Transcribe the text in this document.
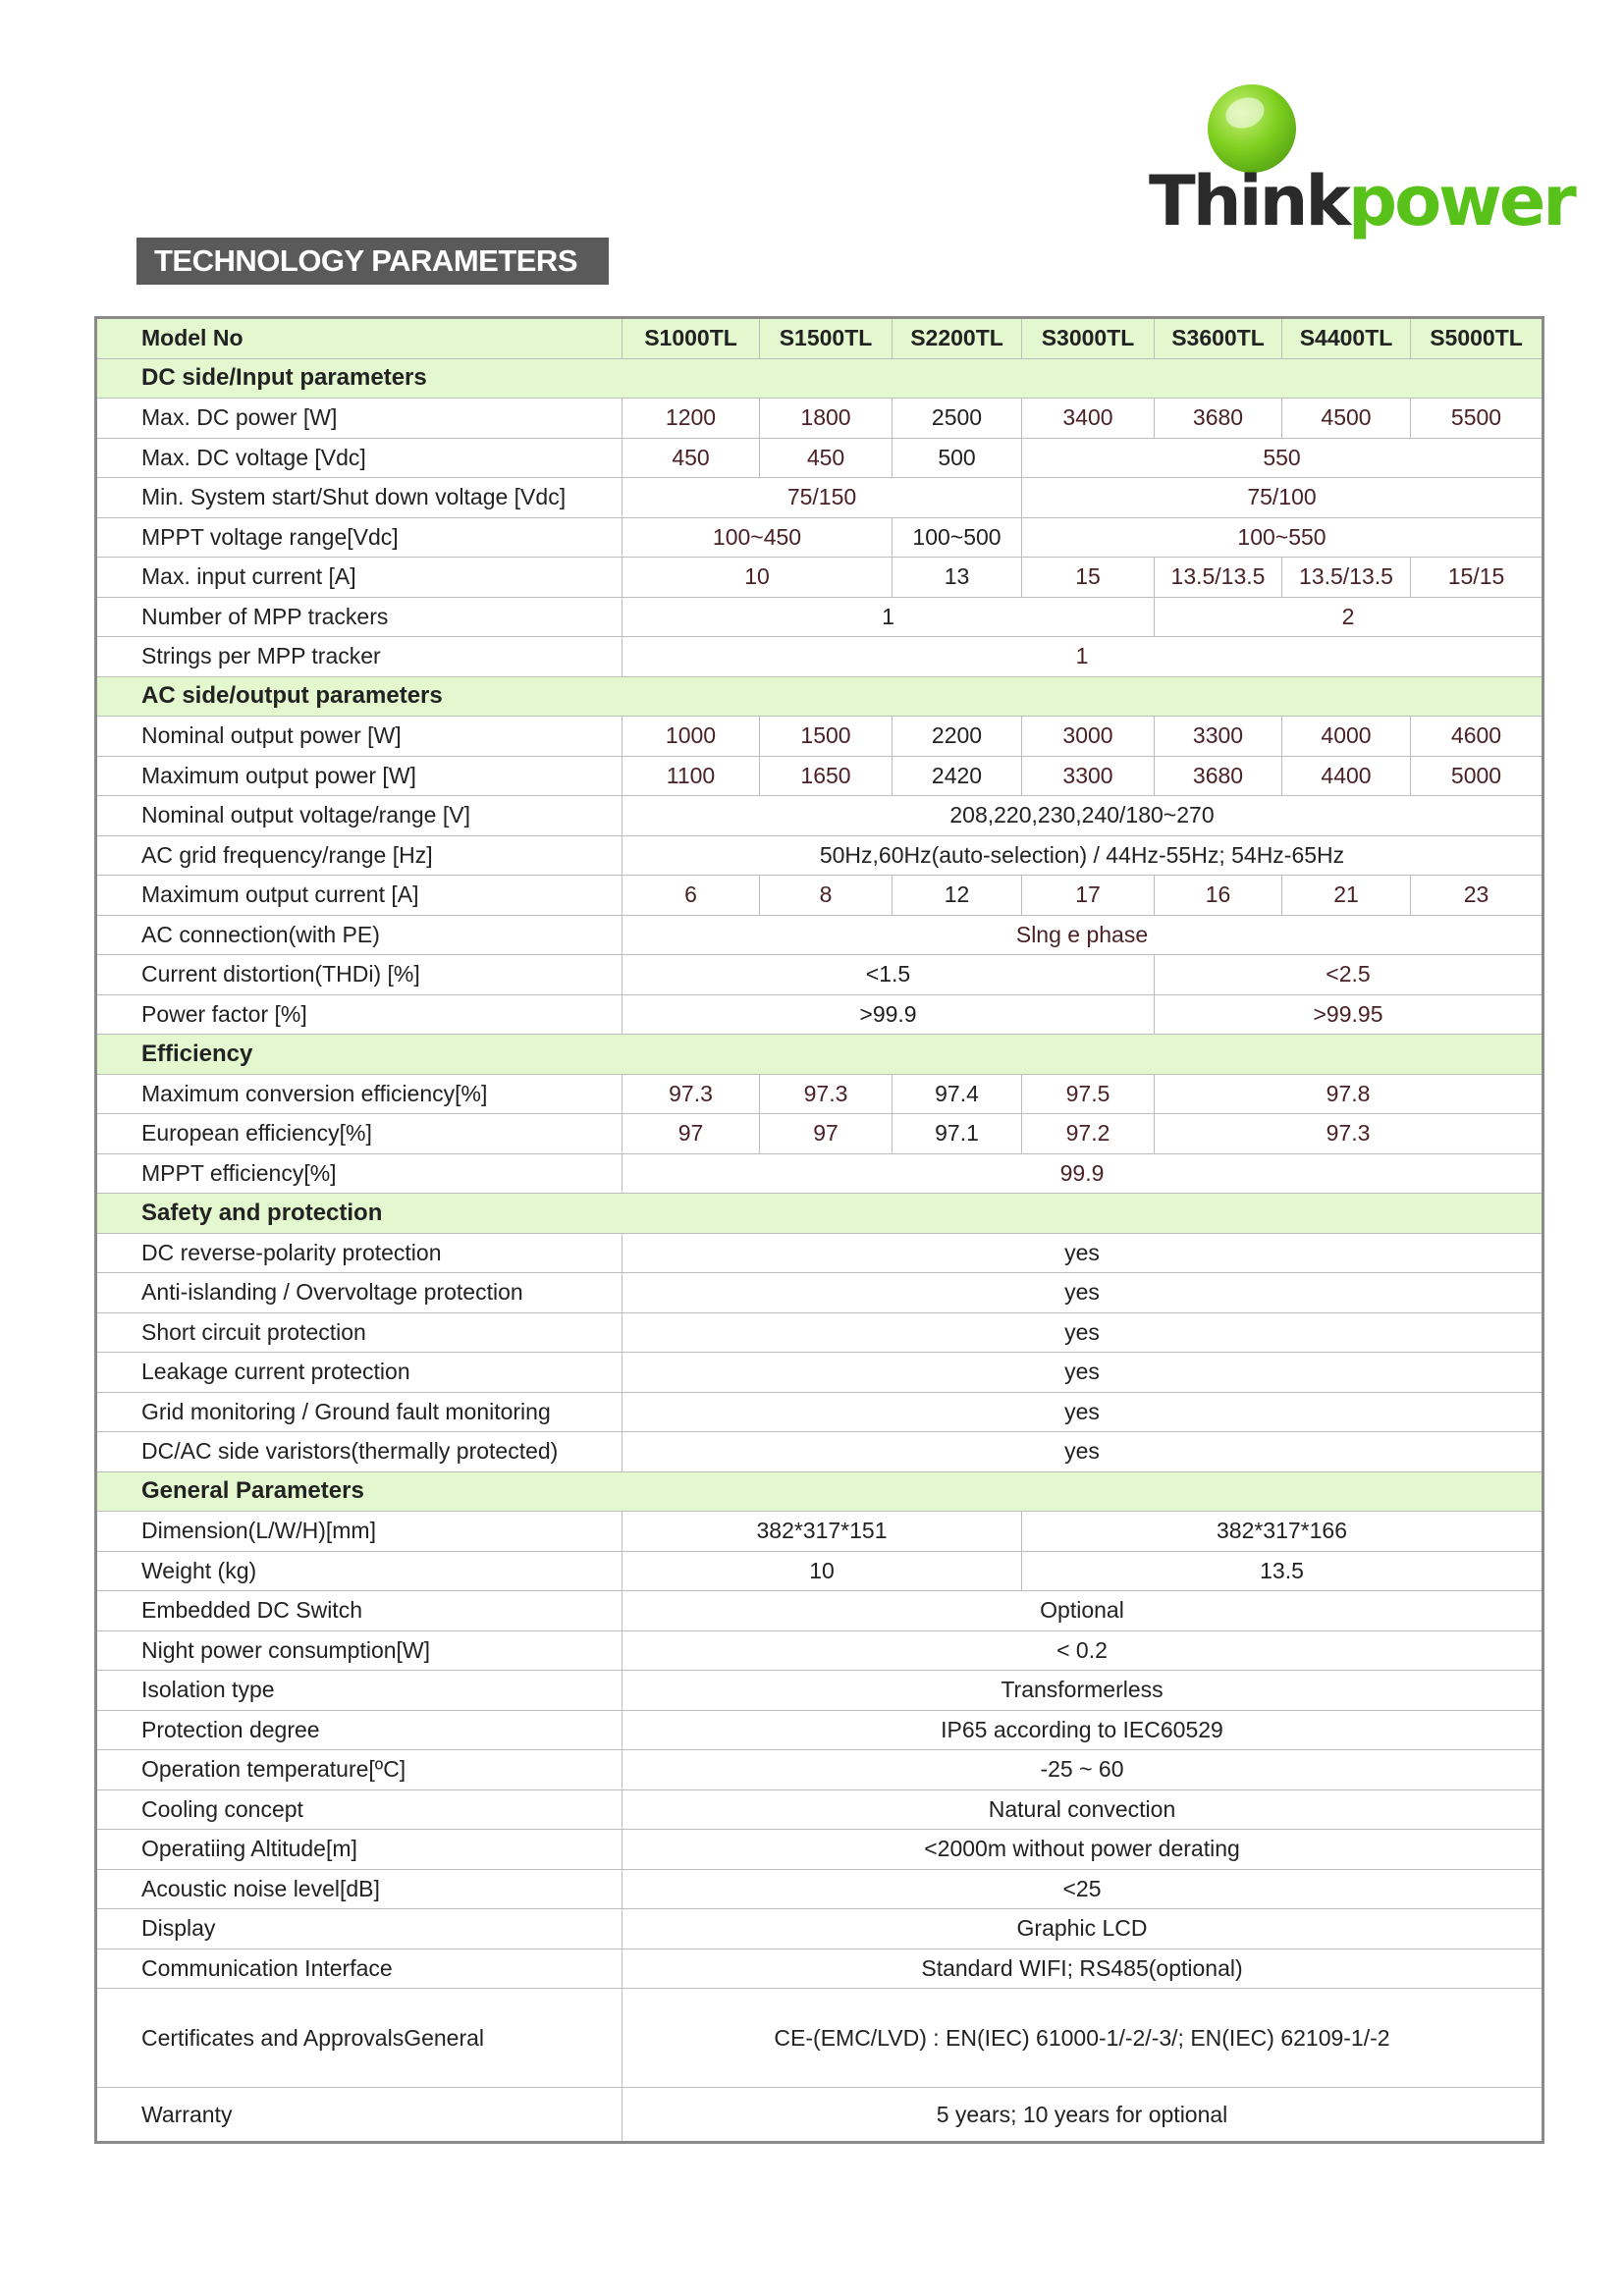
Thinkpower
TECHNOLOGY PARAMETERS
Model No	S1000TL	S1500TL	S2200TL	S3000TL	S3600TL	S4400TL	S5000TL
DC side/Input parameters							
Max. DC power [W]	1200	1800	2500	3400	3680	4500	5500
Max. DC voltage [Vdc]	450	450	500	550			
Min. System start/Shut down voltage [Vdc]	75/150			75/100			
MPPT voltage range[Vdc]	100~450		100~500	100~550			
Max. input current [A]	10		13	15	13.5/13.5	13.5/13.5	15/15
Number of MPP trackers	1				2		
Strings per MPP tracker	1						
AC side/output parameters							
Nominal output power [W]	1000	1500	2200	3000	3300	4000	4600
Maximum output power [W]	1100	1650	2420	3300	3680	4400	5000
Nominal output voltage/range [V]	208,220,230,240/180~270						
AC grid frequency/range [Hz]	50Hz,60Hz(auto-selection) / 44Hz-55Hz; 54Hz-65Hz						
Maximum output current [A]	6	8	12	17	16	21	23
AC connection(with PE)	Slng e phase						
Current distortion(THDi) [%]	<1.5				<2.5		
Power factor [%]	>99.9				>99.95		
Efficiency							
Maximum conversion efficiency[%]	97.3	97.3	97.4	97.5	97.8		
European efficiency[%]	97	97	97.1	97.2	97.3		
MPPT efficiency[%]	99.9						
Safety and protection							
DC reverse-polarity protection	yes						
Anti-islanding / Overvoltage protection	yes						
Short circuit protection	yes						
Leakage current protection	yes						
Grid monitoring / Ground fault monitoring	yes						
DC/AC side varistors(thermally protected)	yes						
General Parameters							
Dimension(L/W/H)[mm]	382*317*151			382*317*166			
Weight (kg)	10			13.5			
Embedded DC Switch	Optional						
Night power consumption[W]	< 0.2						
Isolation type	Transformerless						
Protection degree	IP65 according to IEC60529						
Operation temperature[ºC]	-25 ~ 60						
Cooling concept	Natural convection						
Operatiing Altitude[m]	<2000m without power derating						
Acoustic noise level[dB]	<25						
Display	Graphic LCD						
Communication Interface	Standard WIFI; RS485(optional)						
Certificates and ApprovalsGeneral	CE-(EMC/LVD) : EN(IEC) 61000-1/-2/-3/; EN(IEC) 62109-1/-2						
Warranty	5 years; 10 years for optional						
